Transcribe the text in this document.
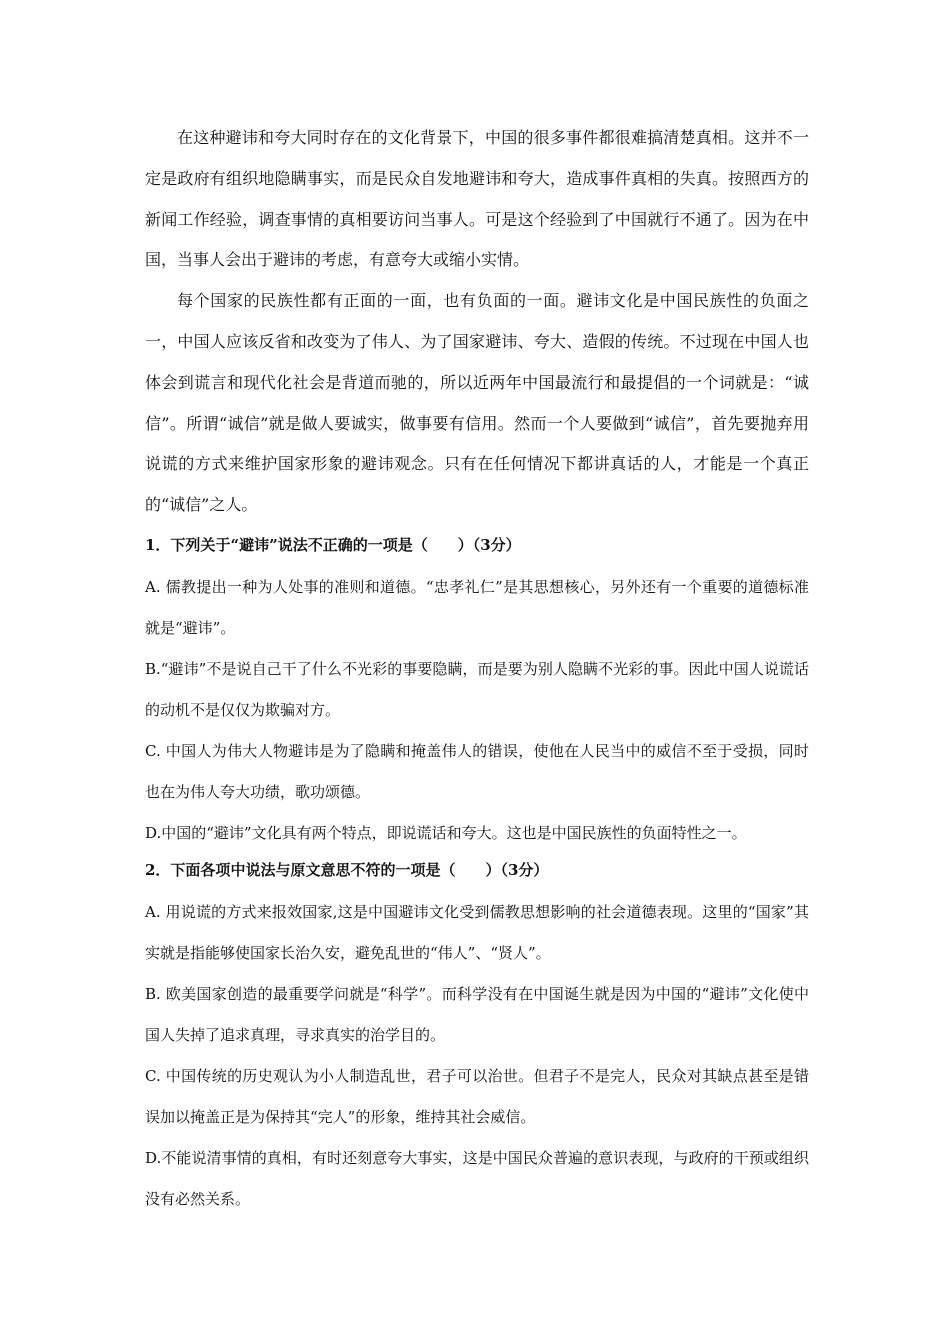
在这种避讳和夸大同时存在的文化背景下，中国的很多事件都很难搞清楚真相。这并不一定是政府有组织地隐瞒事实，而是民众自发地避讳和夸大，造成事件真相的失真。按照西方的新闻工作经验，调查事情的真相要访问当事人。可是这个经验到了中国就行不通了。因为在中国，当事人会出于避讳的考虑，有意夸大或缩小实情。

每个国家的民族性都有正面的一面，也有负面的一面。避讳文化是中国民族性的负面之一，中国人应该反省和改变为了伟人、为了国家避讳、夸大、造假的传统。不过现在中国人也体会到谎言和现代化社会是背道而驰的，所以近两年中国最流行和最提倡的一个词就是：“诚信”。所谓“诚信”就是做人要诚实，做事要有信用。然而一个人要做到“诚信”，首先要抛弃用说谎的方式来维护国家形象的避讳观念。只有在任何情况下都讲真话的人，才能是一个真正的“诚信”之人。

1．下列关于“避讳”说法不正确的一项是（　　）（3分）

A. 儒教提出一种为人处事的准则和道德。“忠孝礼仁”是其思想核心，另外还有一个重要的道德标准就是“避讳”。

B.“避讳”不是说自己干了什么不光彩的事要隐瞒，而是要为别人隐瞒不光彩的事。因此中国人说谎话的动机不是仅仅为欺骗对方。

C. 中国人为伟大人物避讳是为了隐瞒和掩盖伟人的错误，使他在人民当中的威信不至于受损，同时也在为伟人夸大功绩，歌功颂德。

D.中国的“避讳”文化具有两个特点，即说谎话和夸大。这也是中国民族性的负面特性之一。

2．下面各项中说法与原文意思不符的一项是（　　）（3分）

A. 用说谎的方式来报效国家,这是中国避讳文化受到儒教思想影响的社会道德表现。这里的“国家”其实就是指能够使国家长治久安，避免乱世的“伟人”、“贤人”。

B. 欧美国家创造的最重要学问就是“科学”。而科学没有在中国诞生就是因为中国的“避讳”文化使中国人失掉了追求真理，寻求真实的治学目的。

C. 中国传统的历史观认为小人制造乱世，君子可以治世。但君子不是完人，民众对其缺点甚至是错误加以掩盖正是为保持其“完人”的形象，维持其社会威信。

D.不能说清事情的真相，有时还刻意夸大事实，这是中国民众普遍的意识表现，与政府的干预或组织没有必然关系。
